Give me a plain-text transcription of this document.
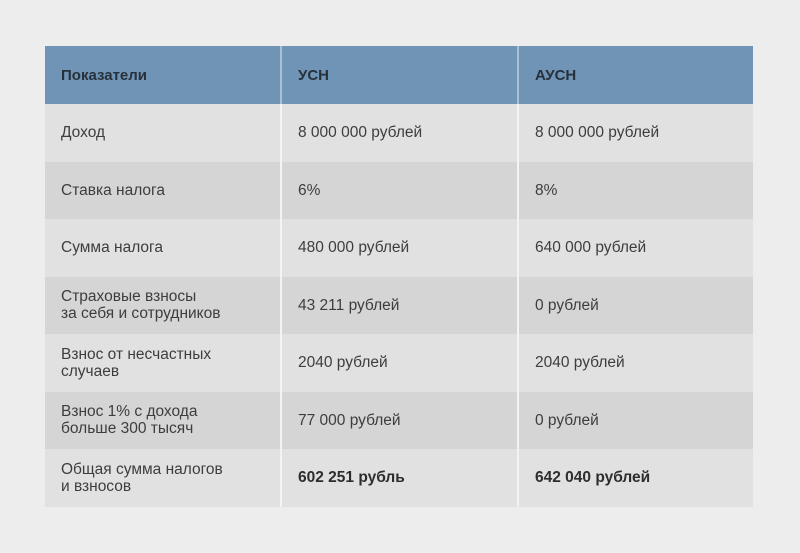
Показатели	УСН	АУСН
Доход	8 000 000 рублей	8 000 000 рублей
Ставка налога	6%	8%
Сумма налога	480 000 рублей	640 000 рублей
Страховые взносы
за себя и сотрудников	43 211 рублей	0 рублей
Взнос от несчастных
случаев	2040 рублей	2040 рублей
Взнос 1% с дохода
больше 300 тысяч	77 000 рублей	0 рублей
Общая сумма налогов
и взносов	602 251 рубль	642 040 рублей
